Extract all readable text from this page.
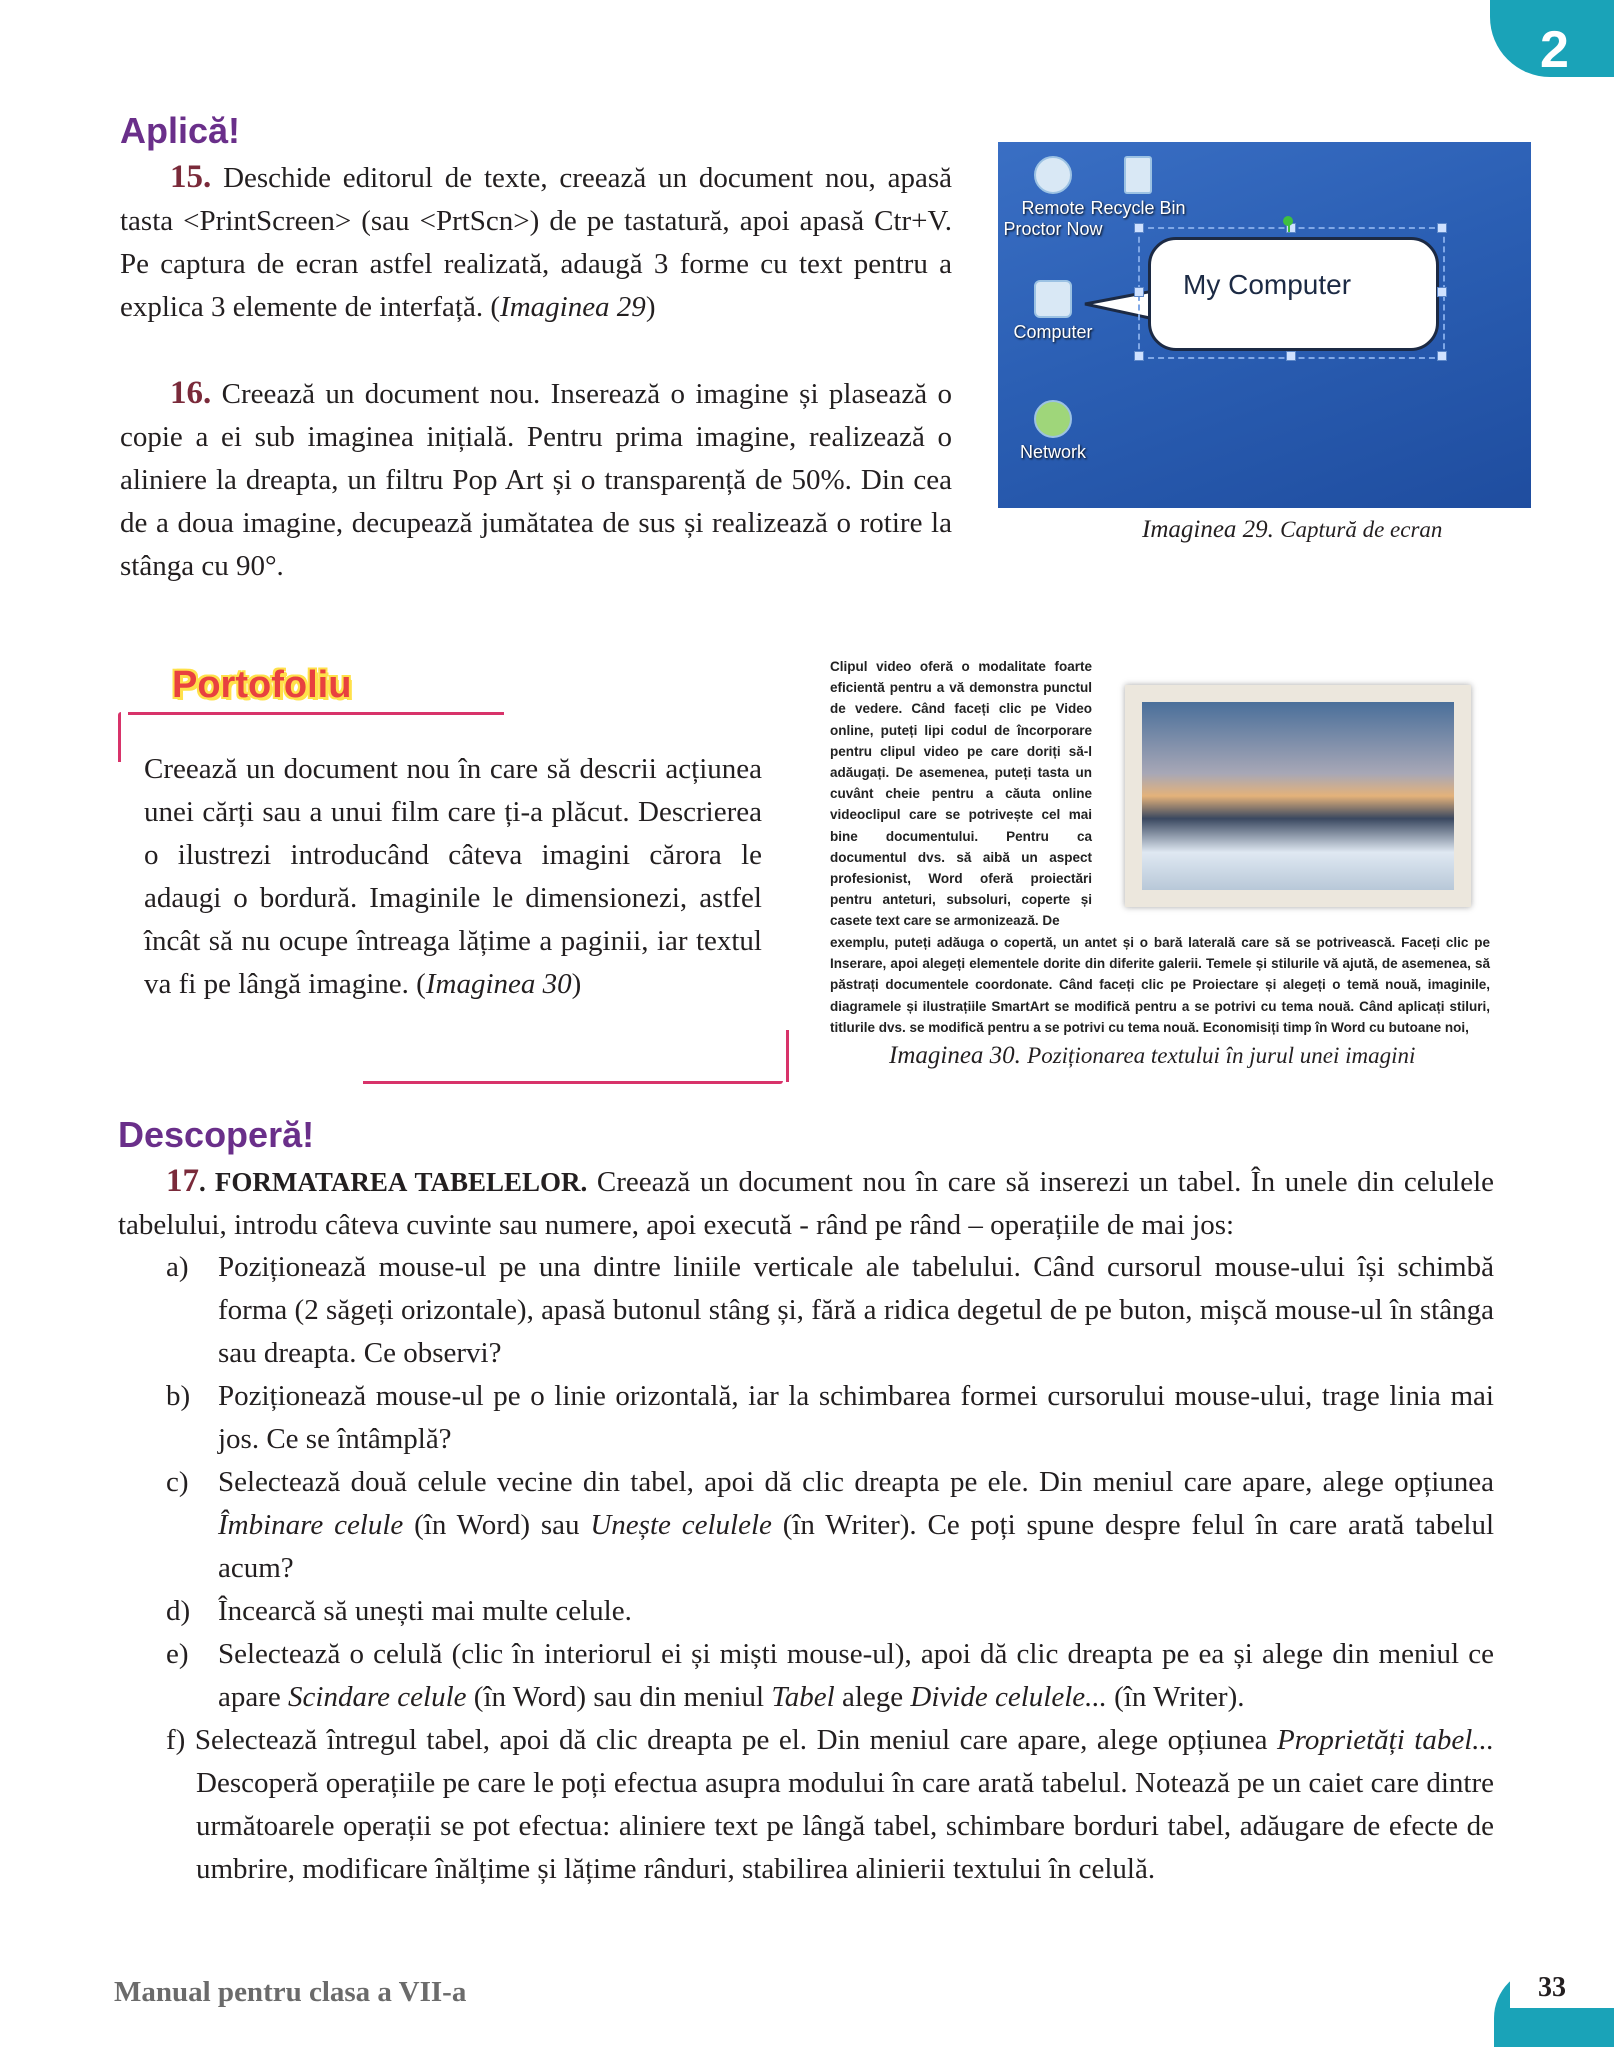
2
Aplică!
15. Deschide editorul de texte, creează un document nou, apasă tasta <PrintScreen> (sau <PrtScn>) de pe tastatură, apoi apasă Ctr+V. Pe captura de ecran astfel realizată, adaugă 3 forme cu text pentru a explica 3 elemente de interfață. (Imaginea 29)
16. Creează un document nou. Inserează o imagine și plasează o copie a ei sub imaginea inițială. Pentru prima imagine, realizează o aliniere la dreapta, un filtru Pop Art și o transparență de 50%. Din cea de a doua imagine, decupează jumătatea de sus și realizează o rotire la stânga cu 90°.
Remote Proctor Now
Recycle Bin
Computer
Network
My Computer
Imaginea 29. Captură de ecran
Portofoliu
Creează un document nou în care să descrii acțiunea unei cărți sau a unui film care ți-a plăcut. Descrierea o ilustrezi introducând câteva imagini cărora le adaugi o bordură. Imaginile le dimensionezi, astfel încât să nu ocupe întreaga lățime a paginii, iar textul va fi pe lângă imagine. (Imaginea 30)
Clipul video oferă o modalitate foarte eficientă pentru a vă demonstra punctul de vedere. Când faceți clic pe Video online, puteți lipi codul de încorporare pentru clipul video pe care doriți să-l adăugați. De asemenea, puteți tasta un cuvânt cheie pentru a căuta online videoclipul care se potrivește cel mai bine documentului. Pentru ca documentul dvs. să aibă un aspect profesionist, Word oferă proiectări pentru anteturi, subsoluri, coperte și casete text care se armonizează. De
exemplu, puteți adăuga o copertă, un antet și o bară laterală care să se potrivească. Faceți clic pe Inserare, apoi alegeți elementele dorite din diferite galerii. Temele și stilurile vă ajută, de asemenea, să păstrați documentele coordonate. Când faceți clic pe Proiectare și alegeți o temă nouă, imaginile, diagramele și ilustrațiile SmartArt se modifică pentru a se potrivi cu tema nouă. Când aplicați stiluri, titlurile dvs. se modifică pentru a se potrivi cu tema nouă. Economisiți timp în Word cu butoane noi,
Imaginea 30. Poziționarea textului în jurul unei imagini
Descoperă!
17. FORMATAREA TABELELOR. Creează un document nou în care să inserezi un tabel. În unele din celulele tabelului, introdu câteva cuvinte sau numere, apoi execută - rând pe rând – operațiile de mai jos:
a) Poziționează mouse-ul pe una dintre liniile verticale ale tabelului. Când cursorul mouse-ului își schimbă forma (2 săgeți orizontale), apasă butonul stâng și, fără a ridica degetul de pe buton, mișcă mouse-ul în stânga sau dreapta. Ce observi?
b) Poziționează mouse-ul pe o linie orizontală, iar la schimbarea formei cursorului mouse-ului, trage linia mai jos. Ce se întâmplă?
c) Selectează două celule vecine din tabel, apoi dă clic dreapta pe ele. Din meniul care apare, alege opțiunea Îmbinare celule (în Word) sau Unește celulele (în Writer). Ce poți spune despre felul în care arată tabelul acum?
d) Încearcă să unești mai multe celule.
e) Selectează o celulă (clic în interiorul ei și miști mouse-ul), apoi dă clic dreapta pe ea și alege din meniul ce apare Scindare celule (în Word) sau din meniul Tabel alege Divide celulele... (în Writer).
f) Selectează întregul tabel, apoi dă clic dreapta pe el. Din meniul care apare, alege opțiunea Proprietăți tabel... Descoperă operațiile pe care le poți efectua asupra modului în care arată tabelul. Notează pe un caiet care dintre următoarele operații se pot efectua: aliniere text pe lângă tabel, schimbare borduri tabel, adăugare de efecte de umbrire, modificare înălțime și lățime rânduri, stabilirea alinierii textului în celulă.
Manual pentru clasa a VII-a	33
